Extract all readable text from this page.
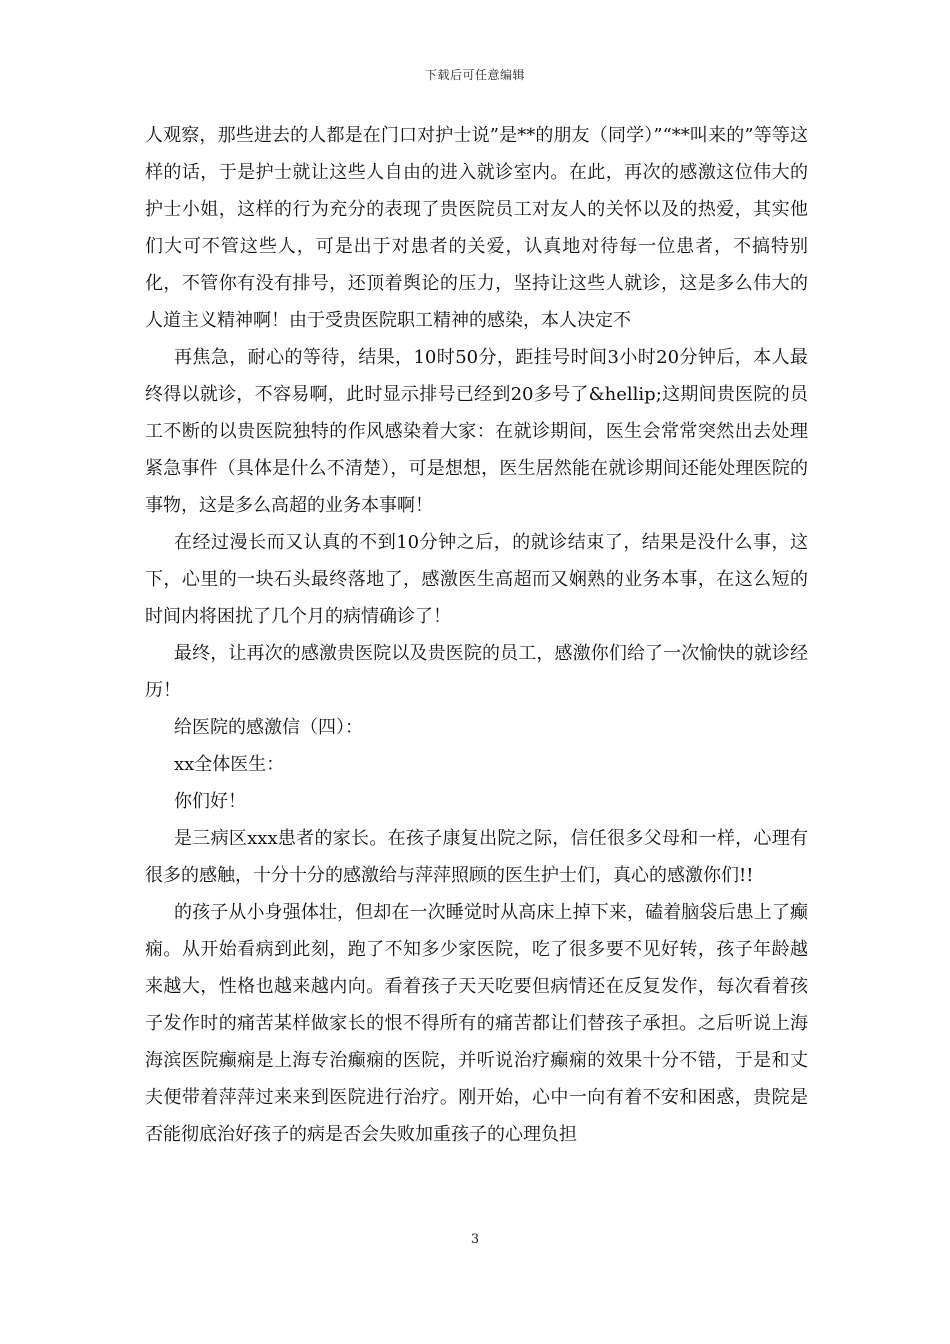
下载后可任意编辑

人观察，那些进去的人都是在门口对护士说”是**的朋友（同学）”“**叫来的”等等这样的话，于是护士就让这些人自由的进入就诊室内。在此，再次的感激这位伟大的护士小姐，这样的行为充分的表现了贵医院员工对友人的关怀以及的热爱，其实他们大可不管这些人，可是出于对患者的关爱，认真地对待每一位患者，不搞特别化，不管你有没有排号，还顶着舆论的压力，坚持让这些人就诊，这是多么伟大的人道主义精神啊！由于受贵医院职工精神的感染，本人决定不

再焦急，耐心的等待，结果，10时50分，距挂号时间3小时20分钟后，本人最终得以就诊，不容易啊，此时显示排号已经到20多号了&hellip;这期间贵医院的员工不断的以贵医院独特的作风感染着大家：在就诊期间，医生会常常突然出去处理紧急事件（具体是什么不清楚），可是想想，医生居然能在就诊期间还能处理医院的事物，这是多么高超的业务本事啊！

在经过漫长而又认真的不到10分钟之后，的就诊结束了，结果是没什么事，这下，心里的一块石头最终落地了，感激医生高超而又娴熟的业务本事，在这么短的时间内将困扰了几个月的病情确诊了！

最终，让再次的感激贵医院以及贵医院的员工，感激你们给了一次愉快的就诊经历！

给医院的感激信（四）：

xx全体医生：

你们好！

是三病区xxx患者的家长。在孩子康复出院之际，信任很多父母和一样，心理有很多的感触，十分十分的感激给与萍萍照顾的医生护士们，真心的感激你们!!

的孩子从小身强体壮，但却在一次睡觉时从高床上掉下来，磕着脑袋后患上了癫痫。从开始看病到此刻，跑了不知多少家医院，吃了很多要不见好转，孩子年龄越来越大，性格也越来越内向。看着孩子天天吃要但病情还在反复发作，每次看着孩子发作时的痛苦某样做家长的恨不得所有的痛苦都让们替孩子承担。之后听说上海海滨医院癫痫是上海专治癫痫的医院，并听说治疗癫痫的效果十分不错，于是和丈夫便带着萍萍过来来到医院进行治疗。刚开始，心中一向有着不安和困惑，贵院是否能彻底治好孩子的病是否会失败加重孩子的心理负担

3
